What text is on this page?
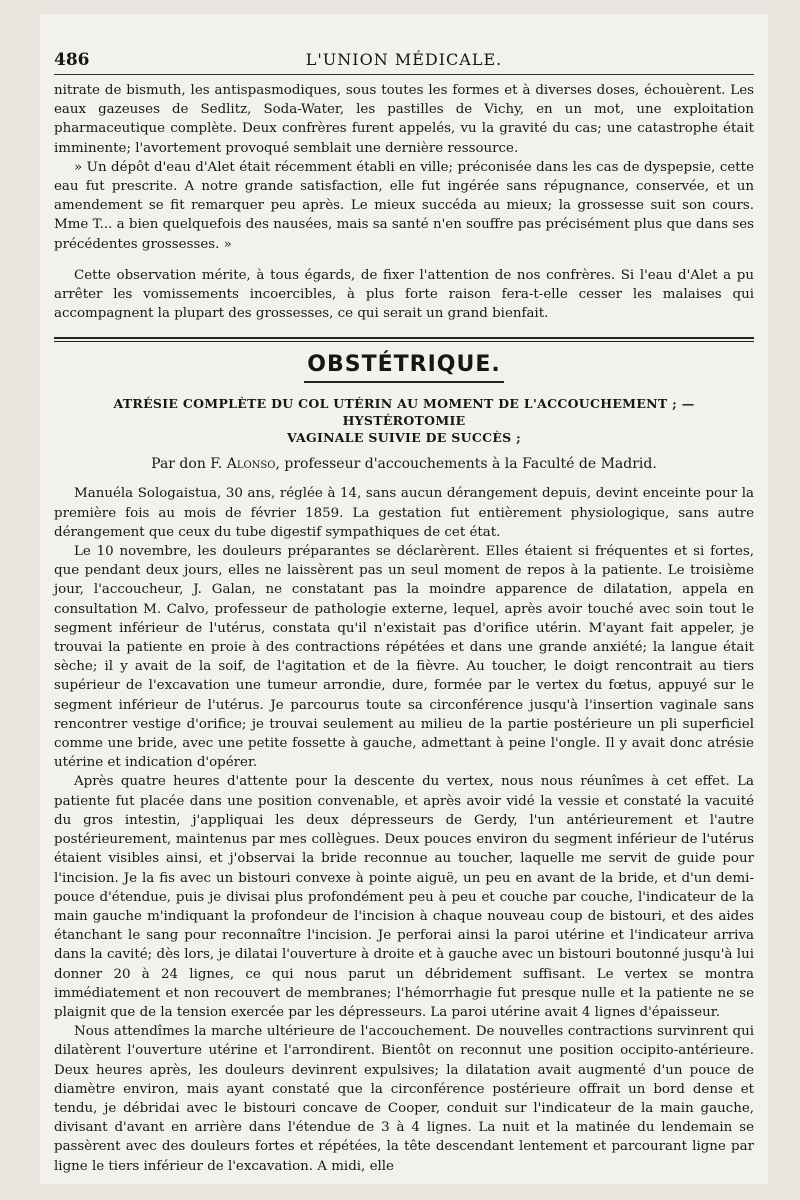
486	L'UNION MÉDICALE.

nitrate de bismuth, les antispasmodiques, sous toutes les formes et à diverses doses, échouèrent. Les eaux gazeuses de Sedlitz, Soda-Water, les pastilles de Vichy, en un mot, une exploitation pharmaceutique complète. Deux confrères furent appelés, vu la gravité du cas; une catastrophe était imminente; l'avortement provoqué semblait une dernière ressource.

» Un dépôt d'eau d'Alet était récemment établi en ville; préconisée dans les cas de dyspepsie, cette eau fut prescrite. A notre grande satisfaction, elle fut ingérée sans répugnance, conservée, et un amendement se fit remarquer peu après. Le mieux succéda au mieux; la grossesse suit son cours. Mme T... a bien quelquefois des nausées, mais sa santé n'en souffre pas précisément plus que dans ses précédentes grossesses. »

Cette observation mérite, à tous égards, de fixer l'attention de nos confrères. Si l'eau d'Alet a pu arrêter les vomissements incoercibles, à plus forte raison fera-t-elle cesser les malaises qui accompagnent la plupart des grossesses, ce qui serait un grand bienfait.

OBSTÉTRIQUE.
ATRÉSIE COMPLÈTE DU COL UTÉRIN AU MOMENT DE L'ACCOUCHEMENT ; — HYSTÉROTOMIE
VAGINALE SUIVIE DE SUCCÈS ;
Par don F. Alonso, professeur d'accouchements à la Faculté de Madrid.

Manuéla Sologaistua, 30 ans, réglée à 14, sans aucun dérangement depuis, devint enceinte pour la première fois au mois de février 1859. La gestation fut entièrement physiologique, sans autre dérangement que ceux du tube digestif sympathiques de cet état.

Le 10 novembre, les douleurs préparantes se déclarèrent. Elles étaient si fréquentes et si fortes, que pendant deux jours, elles ne laissèrent pas un seul moment de repos à la patiente. Le troisième jour, l'accoucheur, J. Galan, ne constatant pas la moindre apparence de dilatation, appela en consultation M. Calvo, professeur de pathologie externe, lequel, après avoir touché avec soin tout le segment inférieur de l'utérus, constata qu'il n'existait pas d'orifice utérin. M'ayant fait appeler, je trouvai la patiente en proie à des contractions répétées et dans une grande anxiété; la langue était sèche; il y avait de la soif, de l'agitation et de la fièvre. Au toucher, le doigt rencontrait au tiers supérieur de l'excavation une tumeur arrondie, dure, formée par le vertex du fœtus, appuyé sur le segment inférieur de l'utérus. Je parcourus toute sa circonférence jusqu'à l'insertion vaginale sans rencontrer vestige d'orifice; je trouvai seulement au milieu de la partie postérieure un pli superficiel comme une bride, avec une petite fossette à gauche, admettant à peine l'ongle. Il y avait donc atrésie utérine et indication d'opérer.

Après quatre heures d'attente pour la descente du vertex, nous nous réunîmes à cet effet. La patiente fut placée dans une position convenable, et après avoir vidé la vessie et constaté la vacuité du gros intestin, j'appliquai les deux dépresseurs de Gerdy, l'un antérieurement et l'autre postérieurement, maintenus par mes collègues. Deux pouces environ du segment inférieur de l'utérus étaient visibles ainsi, et j'observai la bride reconnue au toucher, laquelle me servit de guide pour l'incision. Je la fis avec un bistouri convexe à pointe aiguë, un peu en avant de la bride, et d'un demi-pouce d'étendue, puis je divisai plus profondément peu à peu et couche par couche, l'indicateur de la main gauche m'indiquant la profondeur de l'incision à chaque nouveau coup de bistouri, et des aides étanchant le sang pour reconnaître l'incision. Je perforai ainsi la paroi utérine et l'indicateur arriva dans la cavité; dès lors, je dilatai l'ouverture à droite et à gauche avec un bistouri boutonné jusqu'à lui donner 20 à 24 lignes, ce qui nous parut un débridement suffisant. Le vertex se montra immédiatement et non recouvert de membranes; l'hémorrhagie fut presque nulle et la patiente ne se plaignit que de la tension exercée par les dépresseurs. La paroi utérine avait 4 lignes d'épaisseur.

Nous attendîmes la marche ultérieure de l'accouchement. De nouvelles contractions survinrent qui dilatèrent l'ouverture utérine et l'arrondirent. Bientôt on reconnut une position occipito-antérieure. Deux heures après, les douleurs devinrent expulsives; la dilatation avait augmenté d'un pouce de diamètre environ, mais ayant constaté que la circonférence postérieure offrait un bord dense et tendu, je débridai avec le bistouri concave de Cooper, conduit sur l'indicateur de la main gauche, divisant d'avant en arrière dans l'étendue de 3 à 4 lignes. La nuit et la matinée du lendemain se passèrent avec des douleurs fortes et répétées, la tête descendant lentement et parcourant ligne par ligne le tiers inférieur de l'excavation. A midi, elle
